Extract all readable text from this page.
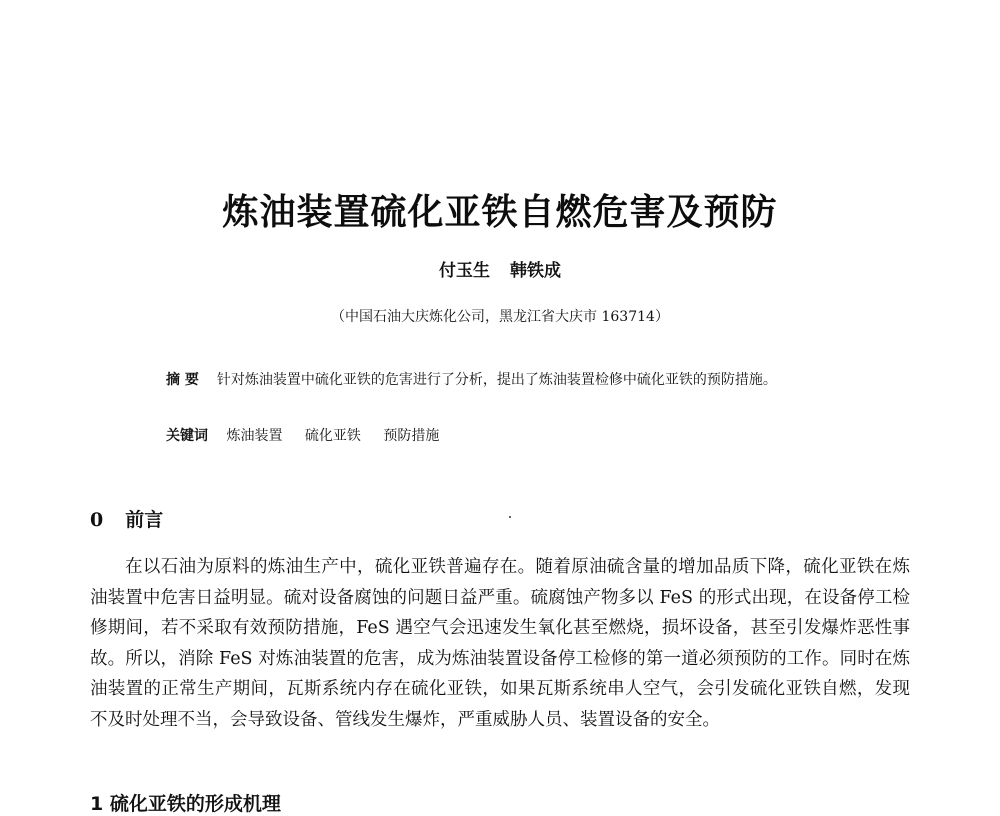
炼油装置硫化亚铁自燃危害及预防
付玉生 韩铁成
（中国石油大庆炼化公司，黑龙江省大庆市 163714）
摘 要 针对炼油装置中硫化亚铁的危害进行了分析，提出了炼油装置检修中硫化亚铁的预防措施。
关键词 炼油装置 硫化亚铁 预防措施
0 前言

在以石油为原料的炼油生产中，硫化亚铁普遍存在。随着原油硫含量的增加品质下降，硫化亚铁在炼油装置中危害日益明显。硫对设备腐蚀的问题日益严重。硫腐蚀产物多以 FeS 的形式出现，在设备停工检修期间，若不采取有效预防措施，FeS 遇空气会迅速发生氧化甚至燃烧，损坏设备，甚至引发爆炸恶性事故。所以，消除 FeS 对炼油装置的危害，成为炼油装置设备停工检修的第一道必须预防的工作。同时在炼油装置的正常生产期间，瓦斯系统内存在硫化亚铁，如果瓦斯系统串人空气，会引发硫化亚铁自燃，发现不及时处理不当，会导致设备、管线发生爆炸，严重威胁人员、装置设备的安全。

1 硫化亚铁的形成机理
